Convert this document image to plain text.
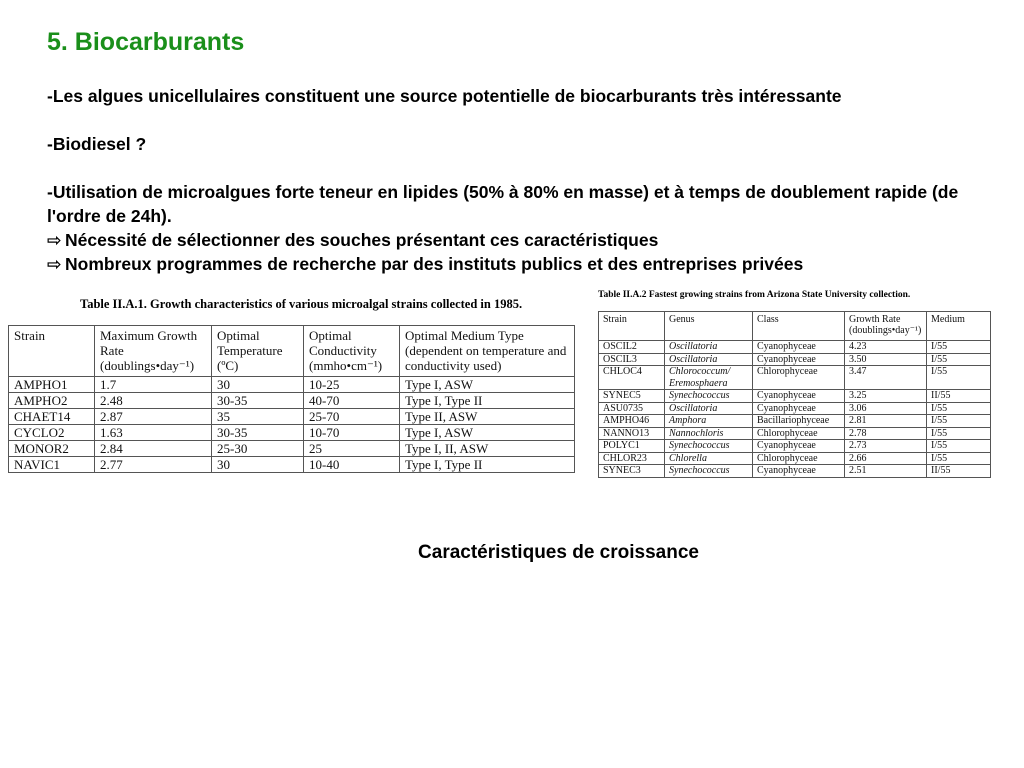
5. Biocarburants

-Les algues unicellulaires constituent une source potentielle de biocarburants très intéressante

-Biodiesel ?

-Utilisation de microalgues forte teneur en lipides (50% à 80% en masse) et à temps de doublement rapide (de l'ordre de 24h).
⇨ Nécessité de sélectionner des souches présentant ces caractéristiques
⇨ Nombreux programmes de recherche par des instituts publics et des entreprises privées
Table II.A.1. Growth characteristics of various microalgal strains collected in 1985.
Strain	Maximum Growth Rate (doublings•day⁻¹)	Optimal Temperature (ºC)	Optimal Conductivity (mmho•cm⁻¹)	Optimal Medium Type (dependent on temperature and conductivity used)
AMPHO1	1.7	30	10-25	Type I, ASW
AMPHO2	2.48	30-35	40-70	Type I, Type II
CHAET14	2.87	35	25-70	Type II, ASW
CYCLO2	1.63	30-35	10-70	Type I, ASW
MONOR2	2.84	25-30	25	Type I, II, ASW
NAVIC1	2.77	30	10-40	Type I, Type II
Table II.A.2 Fastest growing strains from Arizona State University collection.
Strain	Genus	Class	Growth Rate (doublings•day⁻¹)	Medium
OSCIL2	Oscillatoria	Cyanophyceae	4.23	I/55
OSCIL3	Oscillatoria	Cyanophyceae	3.50	I/55
CHLOC4	Chlorococcum/ Eremosphaera	Chlorophyceae	3.47	I/55
SYNEC5	Synechococcus	Cyanophyceae	3.25	II/55
ASU0735	Oscillatoria	Cyanophyceae	3.06	I/55
AMPHO46	Amphora	Bacillariophyceae	2.81	I/55
NANNO13	Nannochloris	Chlorophyceae	2.78	I/55
POLYC1	Synechococcus	Cyanophyceae	2.73	I/55
CHLOR23	Chlorella	Chlorophyceae	2.66	I/55
SYNEC3	Synechococcus	Cyanophyceae	2.51	II/55

Caractéristiques de croissance
